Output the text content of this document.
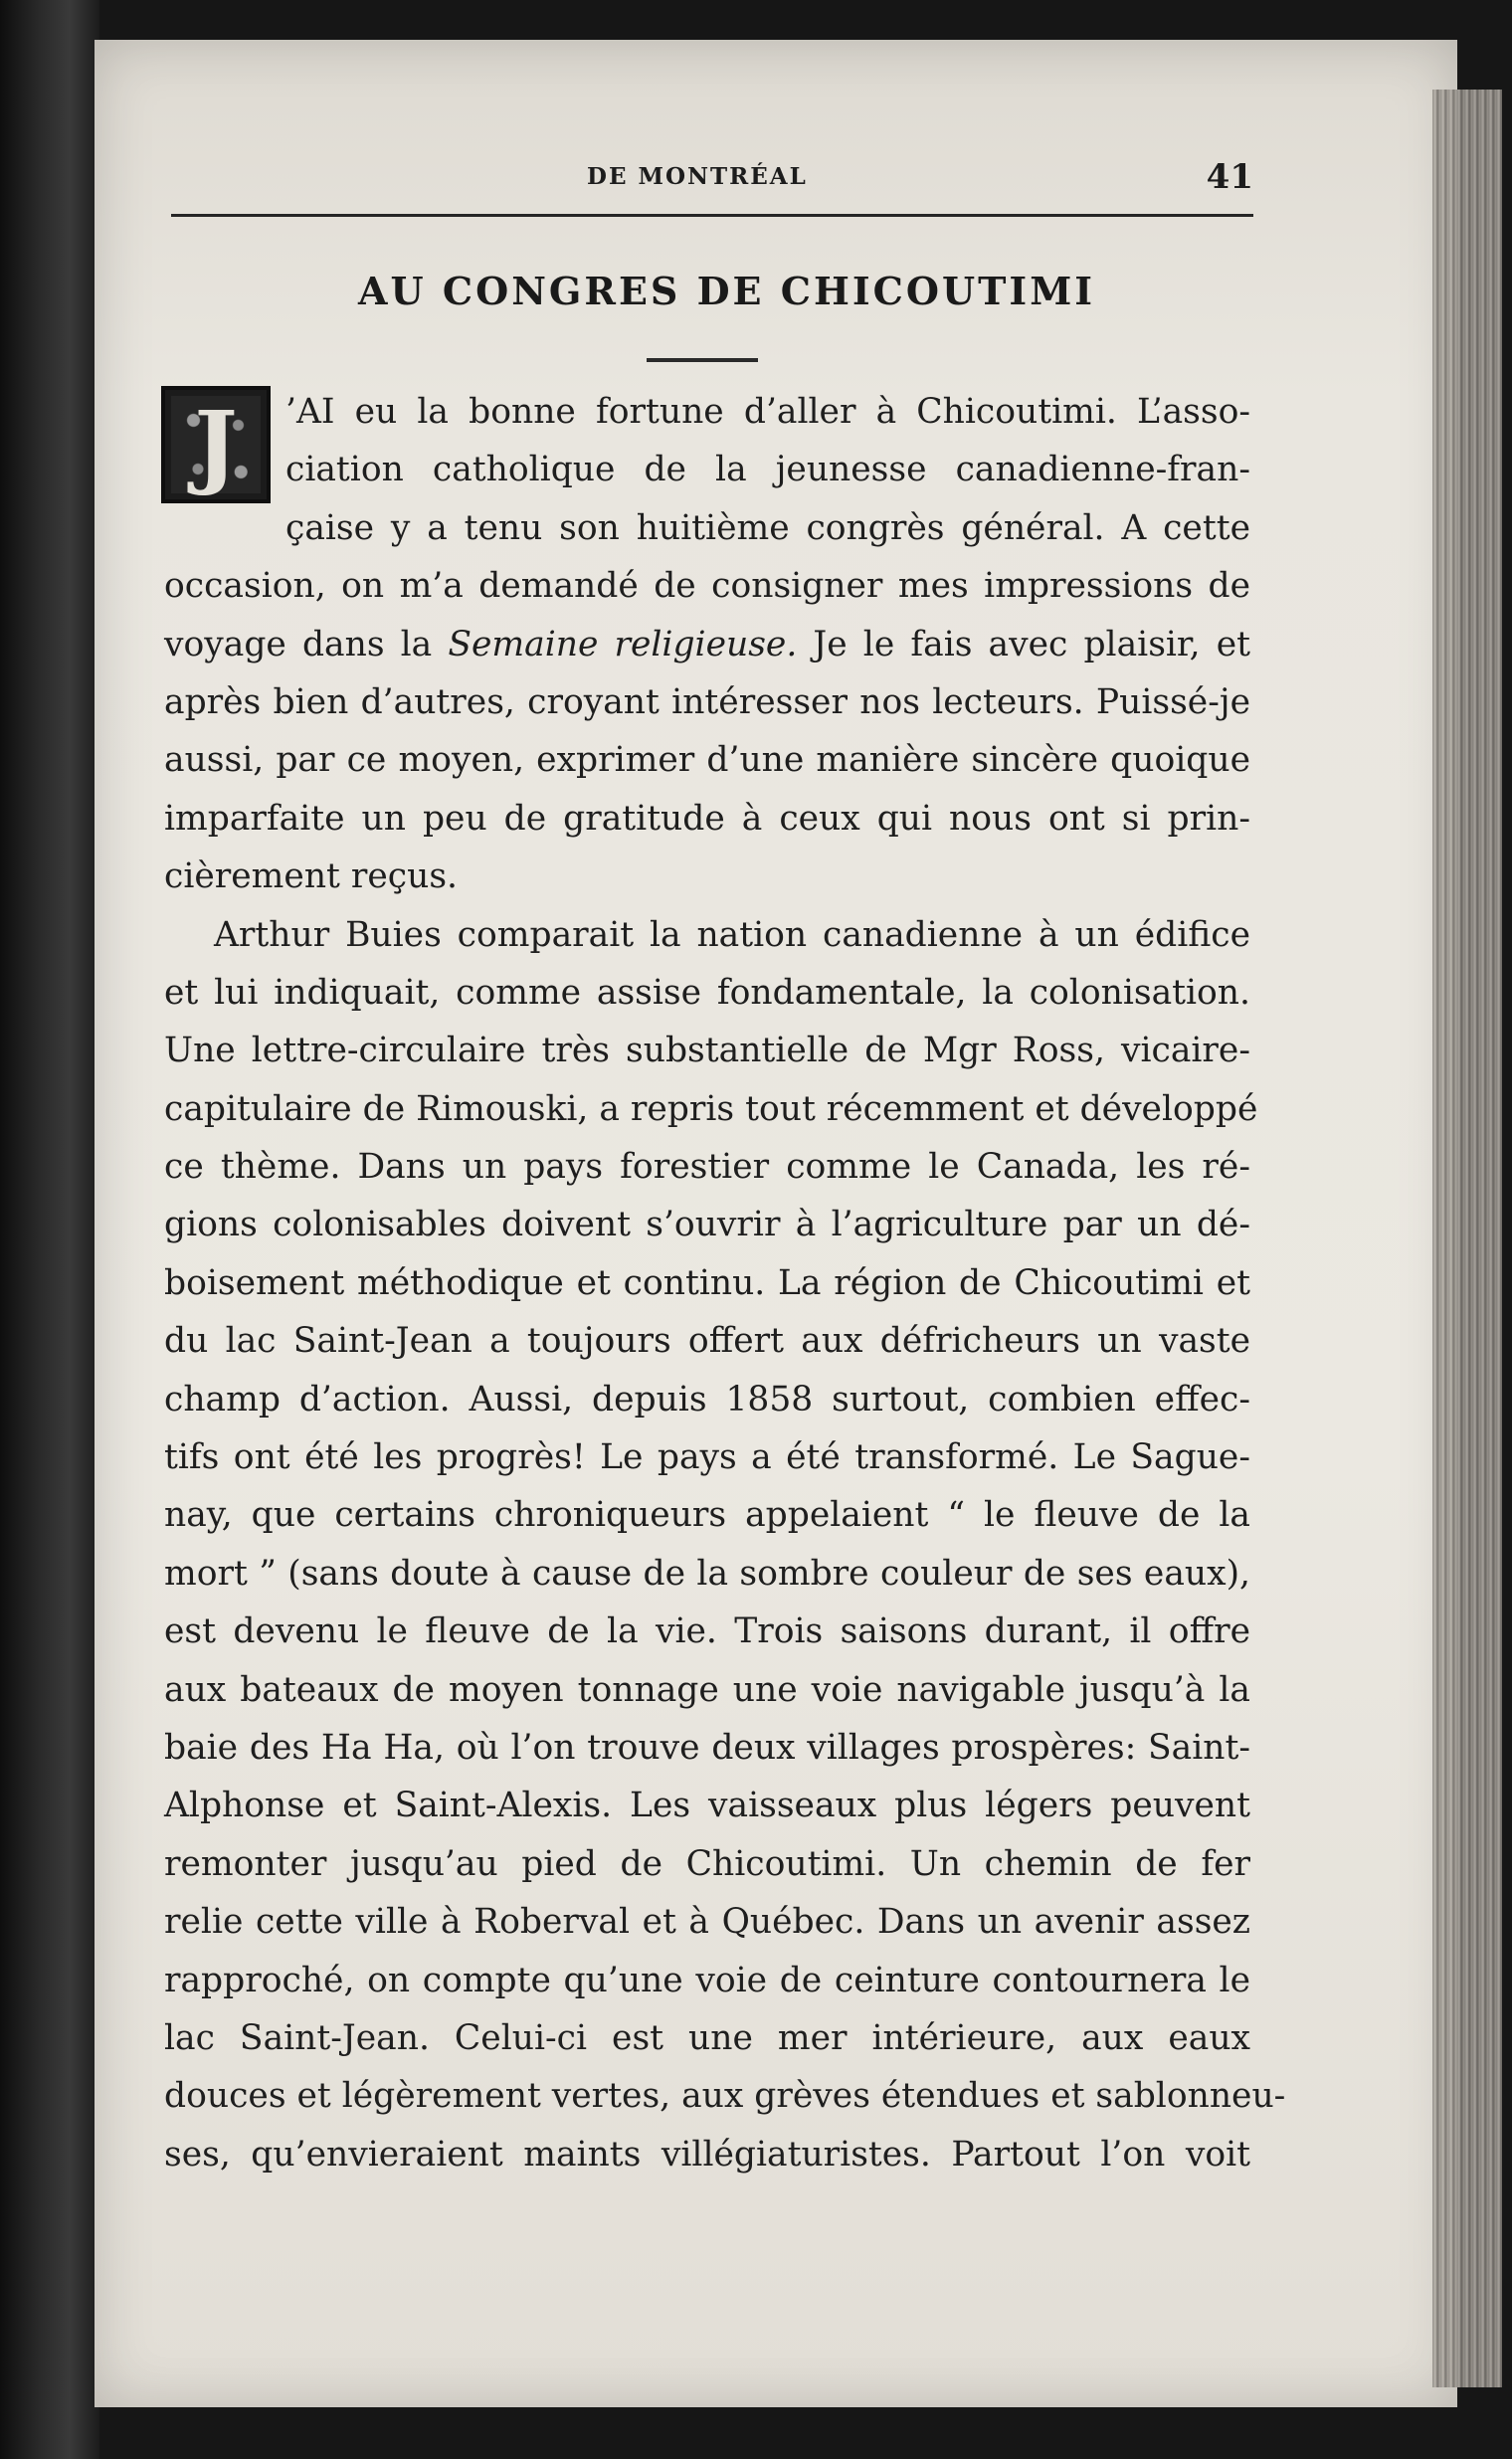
DE MONTRÉAL	41
AU CONGRES DE CHICOUTIMI
J	’AI eu la bonne fortune d’aller à Chicoutimi. L’asso-
ciation catholique de la jeunesse canadienne-fran-
çaise y a tenu son huitième congrès général. A cette
occasion, on m’a demandé de consigner mes impressions de
voyage dans la Semaine religieuse. Je le fais avec plaisir, et
après bien d’autres, croyant intéresser nos lecteurs. Puissé-je
aussi, par ce moyen, exprimer d’une manière sincère quoique
imparfaite un peu de gratitude à ceux qui nous ont si prin-
cièrement reçus.
Arthur Buies comparait la nation canadienne à un édifice
et lui indiquait, comme assise fondamentale, la colonisation.
Une lettre-circulaire très substantielle de Mgr Ross, vicaire-
capitulaire de Rimouski, a repris tout récemment et développé
ce thème. Dans un pays forestier comme le Canada, les ré-
gions colonisables doivent s’ouvrir à l’agriculture par un dé-
boisement méthodique et continu. La région de Chicoutimi et
du lac Saint-Jean a toujours offert aux défricheurs un vaste
champ d’action. Aussi, depuis 1858 surtout, combien effec-
tifs ont été les progrès! Le pays a été transformé. Le Sague-
nay, que certains chroniqueurs appelaient “ le fleuve de la
mort ” (sans doute à cause de la sombre couleur de ses eaux),
est devenu le fleuve de la vie. Trois saisons durant, il offre
aux bateaux de moyen tonnage une voie navigable jusqu’à la
baie des Ha Ha, où l’on trouve deux villages prospères: Saint-
Alphonse et Saint-Alexis. Les vaisseaux plus légers peuvent
remonter jusqu’au pied de Chicoutimi. Un chemin de fer
relie cette ville à Roberval et à Québec. Dans un avenir assez
rapproché, on compte qu’une voie de ceinture contournera le
lac Saint-Jean. Celui-ci est une mer intérieure, aux eaux
douces et légèrement vertes, aux grèves étendues et sablonneu-
ses, qu’envieraient maints villégiaturistes. Partout l’on voit
